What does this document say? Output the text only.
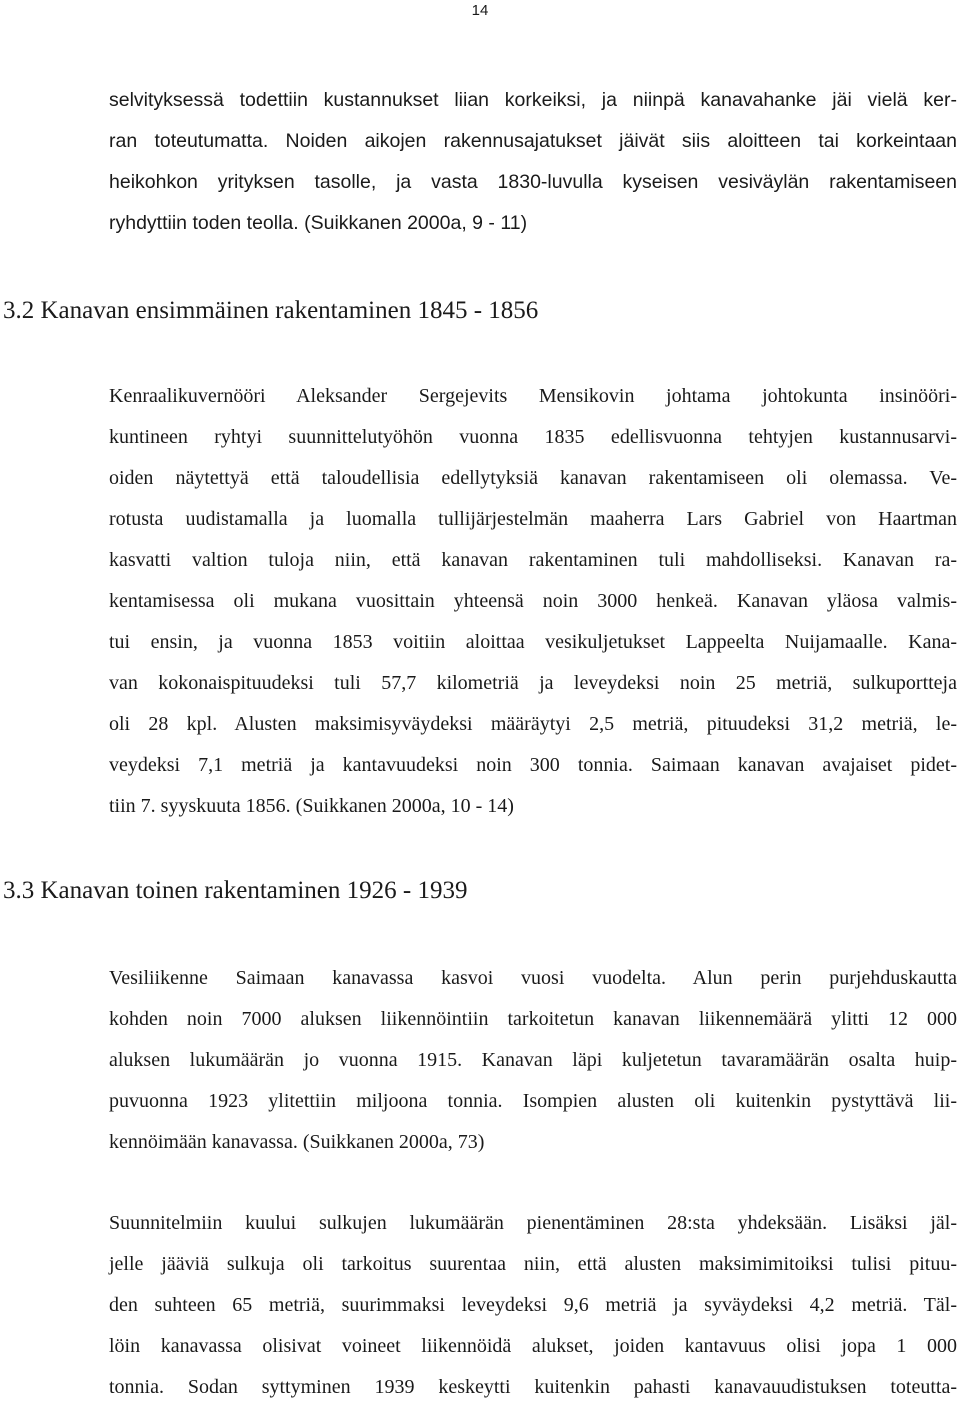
14
selvityksessä todettiin kustannukset liian korkeiksi, ja niinpä kanavahanke jäi vielä ker-
ran toteutumatta. Noiden aikojen rakennusajatukset jäivät siis aloitteen tai korkeintaan
heikohkon yrityksen tasolle, ja vasta 1830-luvulla kyseisen vesiväylän rakentamiseen
ryhdyttiin toden teolla. (Suikkanen 2000a, 9 - 11)
3.2 Kanavan ensimmäinen rakentaminen 1845 - 1856
Kenraalikuvernööri Aleksander Sergejevits Mensikovin johtama johtokunta insinööri-
kuntineen ryhtyi suunnittelutyöhön vuonna 1835 edellisvuonna tehtyjen kustannusarvi-
oiden näytettyä että taloudellisia edellytyksiä kanavan rakentamiseen oli olemassa. Ve-
rotusta uudistamalla ja luomalla tullijärjestelmän maaherra Lars Gabriel von Haartman
kasvatti valtion tuloja niin, että kanavan rakentaminen tuli mahdolliseksi. Kanavan ra-
kentamisessa oli mukana vuosittain yhteensä noin 3000 henkeä. Kanavan yläosa valmis-
tui ensin, ja vuonna 1853 voitiin aloittaa vesikuljetukset Lappeelta Nuijamaalle. Kana-
van kokonaispituudeksi tuli 57,7 kilometriä ja leveydeksi noin 25 metriä, sulkuportteja
oli 28 kpl. Alusten maksimisyväydeksi määräytyi 2,5 metriä, pituudeksi 31,2 metriä, le-
veydeksi 7,1 metriä ja kantavuudeksi noin 300 tonnia. Saimaan kanavan avajaiset pidet-
tiin 7. syyskuuta 1856. (Suikkanen 2000a, 10 - 14)
3.3 Kanavan toinen rakentaminen 1926 - 1939
Vesiliikenne Saimaan kanavassa kasvoi vuosi vuodelta. Alun perin purjehduskautta
kohden noin 7000 aluksen liikennöintiin tarkoitetun kanavan liikennemäärä ylitti 12 000
aluksen lukumäärän jo vuonna 1915. Kanavan läpi kuljetetun tavaramäärän osalta huip-
puvuonna 1923 ylitettiin miljoona tonnia. Isompien alusten oli kuitenkin pystyttävä lii-
kennöimään kanavassa. (Suikkanen 2000a, 73)
Suunnitelmiin kuului sulkujen lukumäärän pienentäminen 28:sta yhdeksään. Lisäksi jäl-
jelle jääviä sulkuja oli tarkoitus suurentaa niin, että alusten maksimimitoiksi tulisi pituu-
den suhteen 65 metriä, suurimmaksi leveydeksi 9,6 metriä ja syväydeksi 4,2 metriä. Täl-
löin kanavassa olisivat voineet liikennöidä alukset, joiden kantavuus olisi jopa 1 000
tonnia. Sodan syttyminen 1939 keskeytti kuitenkin pahasti kanavauudistuksen toteutta-
